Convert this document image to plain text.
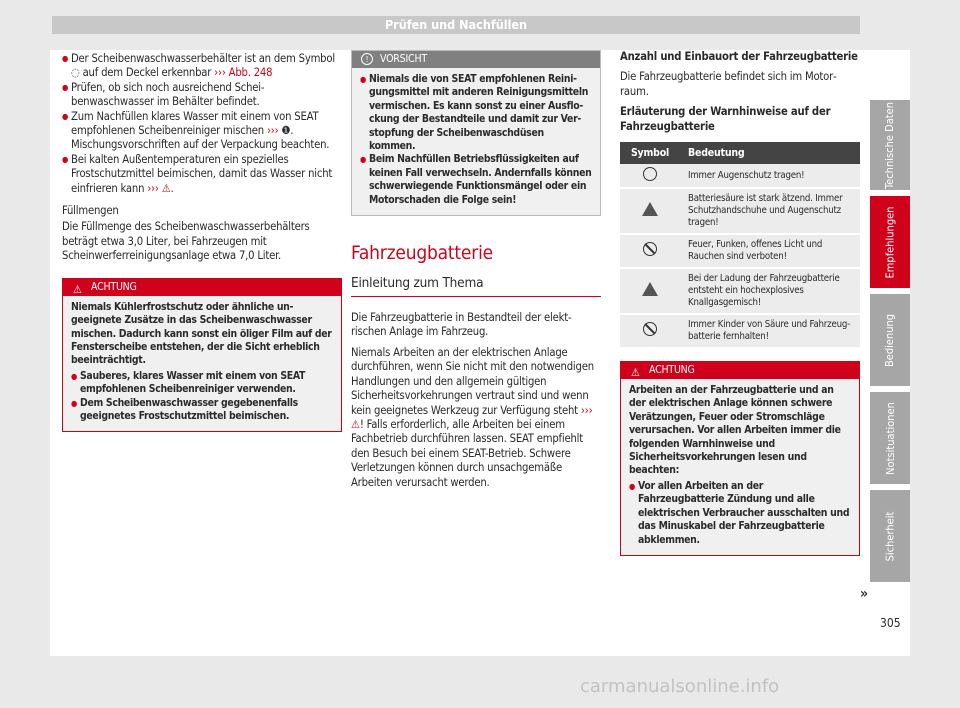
Prüfen und Nachfüllen
● Der Scheibenwaschwasserbehälter ist an dem Symbol ◌ auf dem Deckel erkennbar ››› Abb. 248
● Prüfen, ob sich noch ausreichend Scheibenwaschwasser im Behälter befindet.
● Zum Nachfüllen klares Wasser mit einem von SEAT empfohlenen Scheibenreiniger mischen ››› ❶. Mischungsvorschriften auf der Verpackung beachten.
● Bei kalten Außentemperaturen ein spezielles Frostschutzmittel beimischen, damit das Wasser nicht einfrieren kann ››› ⚠.

Füllmengen

Die Füllmenge des Scheibenwaschwasserbehälters beträgt etwa 3,0 Liter, bei Fahrzeugen mit Scheinwerferreinigungsanlage etwa 7,0 Liter.

⚠ ACHTUNG

Niemals Kühlerfrostschutz oder ähnliche ungeeignete Zusätze in das Scheibenwaschwasser mischen. Dadurch kann sonst ein öliger Film auf der Fensterscheibe entstehen, der die Sicht erheblich beeinträchtigt.

● Sauberes, klares Wasser mit einem von SEAT empfohlenen Scheibenreiniger verwenden.
● Dem Scheibenwaschwasser gegebenenfalls geeignetes Frostschutzmittel beimischen.
!	VORSICHT
● Niemals die von SEAT empfohlenen Reinigungsmittel mit anderen Reinigungsmitteln vermischen. Es kann sonst zu einer Ausflockung der Bestandteile und damit zur Verstopfung der Scheibenwaschdüsen kommen.
● Beim Nachfüllen Betriebsflüssigkeiten auf keinen Fall verwechseln. Andernfalls können schwerwiegende Funktionsmängel oder ein Motorschaden die Folge sein!
Fahrzeugbatterie
Einleitung zum Thema

Die Fahrzeugbatterie in Bestandteil der elektrischen Anlage im Fahrzeug.

Niemals Arbeiten an der elektrischen Anlage durchführen, wenn Sie nicht mit den notwendigen Handlungen und den allgemein gültigen Sicherheitsvorkehrungen vertraut sind und wenn kein geeignetes Werkzeug zur Verfügung steht ››› ⚠! Falls erforderlich, alle Arbeiten bei einem Fachbetrieb durchführen lassen. SEAT empfiehlt den Besuch bei einem SEAT-Betrieb. Schwere Verletzungen können durch unsachgemäße Arbeiten verursacht werden.

Anzahl und Einbauort der Fahrzeugbatterie

Die Fahrzeugbatterie befindet sich im Motorraum.

Erläuterung der Warnhinweise auf der Fahrzeugbatterie

Symbol	Bedeutung
	Immer Augenschutz tragen!
	Batteriesäure ist stark ätzend. Immer Schutzhandschuhe und Augenschutz tragen!
	Feuer, Funken, offenes Licht und Rauchen sind verboten!
	Bei der Ladung der Fahrzeugbatterie entsteht ein hochexplosives Knallgasgemisch!
	Immer Kinder von Säure und Fahrzeugbatterie fernhalten!
⚠ ACHTUNG

Arbeiten an der Fahrzeugbatterie und an der elektrischen Anlage können schwere Verätzungen, Feuer oder Stromschläge verursachen. Vor allen Arbeiten immer die folgenden Warnhinweise und Sicherheitsvorkehrungen lesen und beachten:

● Vor allen Arbeiten an der Fahrzeugbatterie Zündung und alle elektrischen Verbraucher ausschalten und das Minuskabel der Fahrzeugbatterie abklemmen.
»
Technische Daten
Empfehlungen
Bedienung
Notsituationen
Sicherheit
305
carmanualsonline.info
